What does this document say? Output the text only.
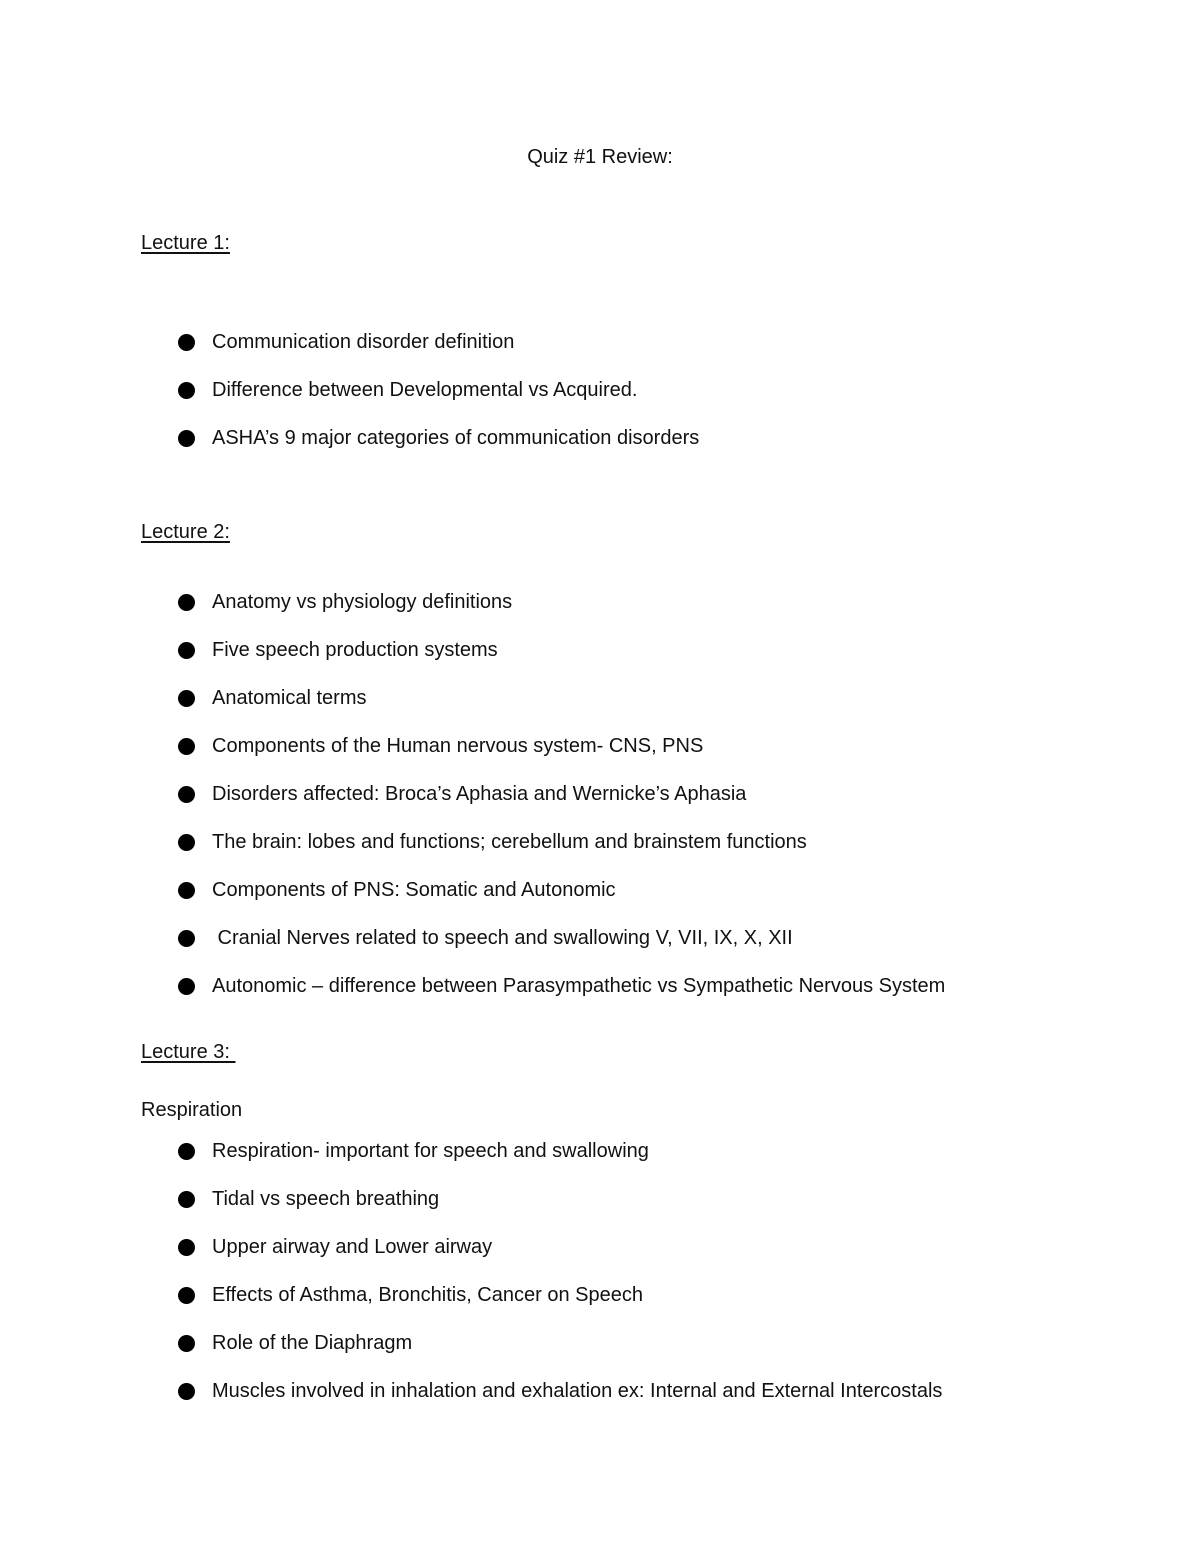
Quiz #1 Review:
Lecture 1:
Communication disorder definition
Difference between Developmental vs Acquired.
ASHA’s 9 major categories of communication disorders
Lecture 2:
Anatomy vs physiology definitions
Five speech production systems
Anatomical terms
Components of the Human nervous system- CNS, PNS
Disorders affected: Broca’s Aphasia and Wernicke’s Aphasia
The brain: lobes and functions; cerebellum and brainstem functions
Components of PNS: Somatic and Autonomic
Cranial Nerves related to speech and swallowing V, VII, IX, X, XII
Autonomic – difference between Parasympathetic vs Sympathetic Nervous System
Lecture 3:
Respiration
Respiration- important for speech and swallowing
Tidal vs speech breathing
Upper airway and Lower airway
Effects of Asthma, Bronchitis, Cancer on Speech
Role of the Diaphragm
Muscles involved in inhalation and exhalation ex: Internal and External Intercostals
